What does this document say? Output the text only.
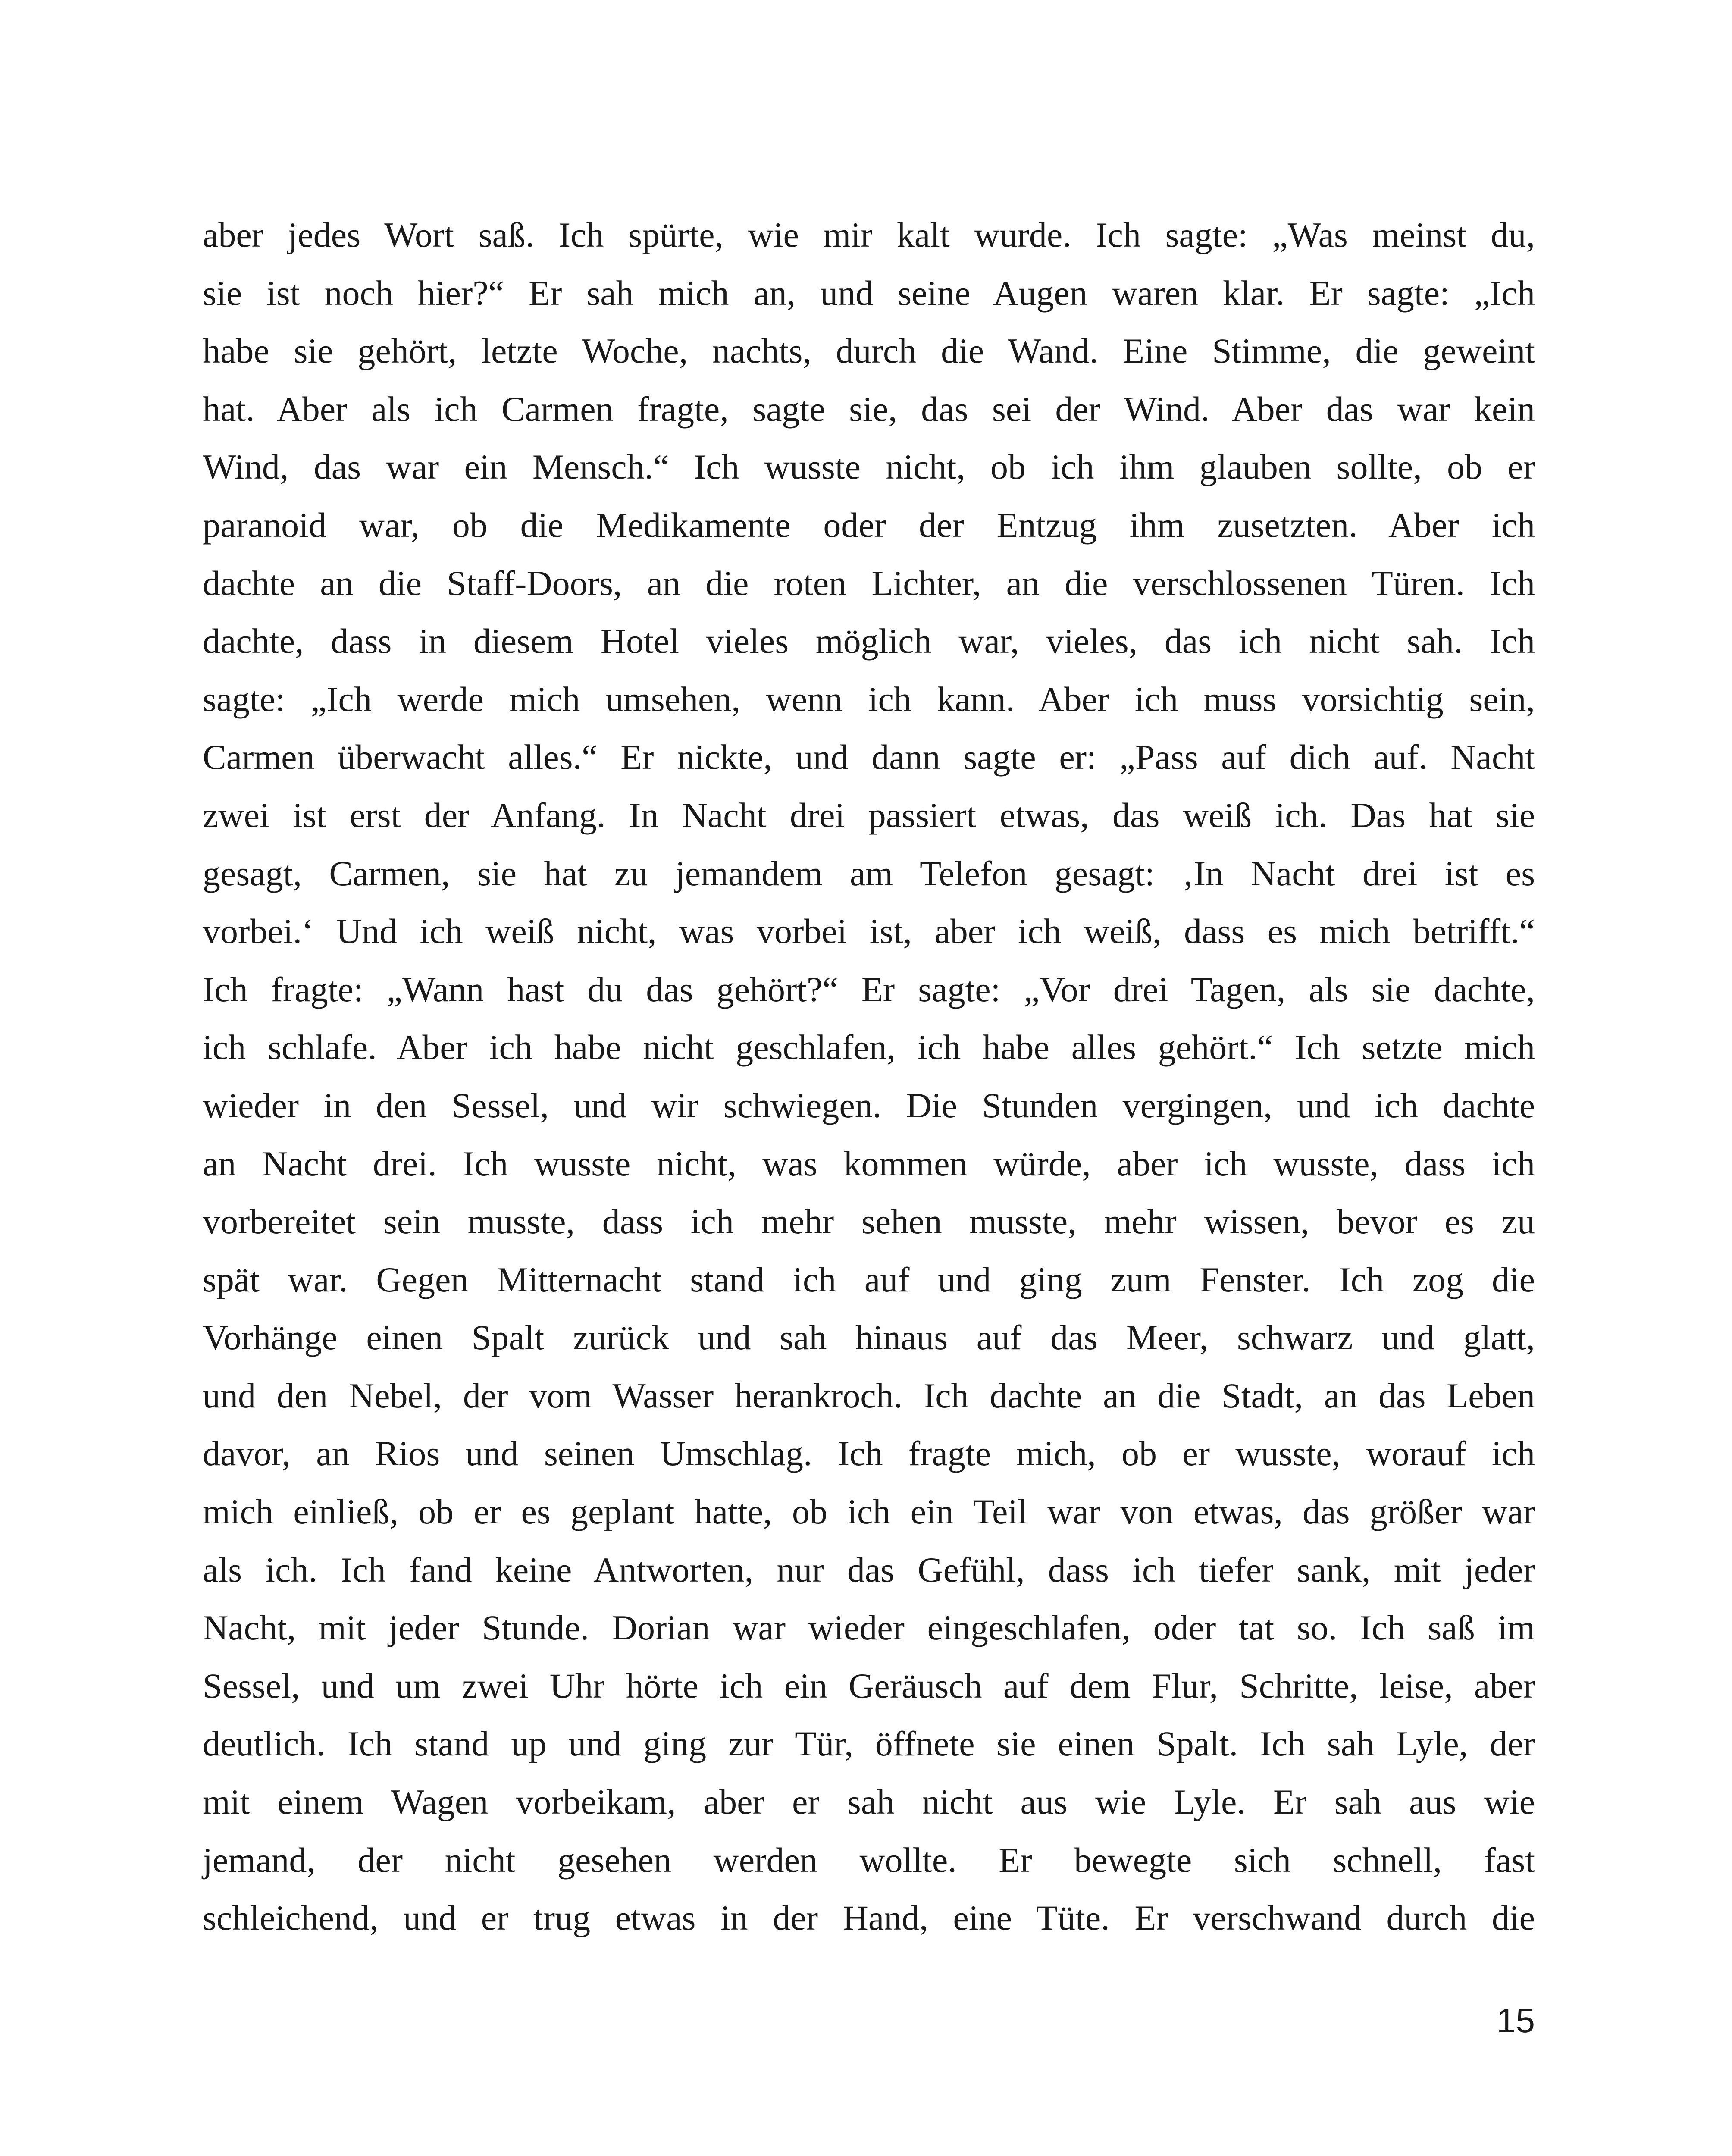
aber jedes Wort saß. Ich spürte, wie mir kalt wurde. Ich sagte: „Was meinst du,
sie ist noch hier?“ Er sah mich an, und seine Augen waren klar. Er sagte: „Ich
habe sie gehört, letzte Woche, nachts, durch die Wand. Eine Stimme, die geweint
hat. Aber als ich Carmen fragte, sagte sie, das sei der Wind. Aber das war kein
Wind, das war ein Mensch.“ Ich wusste nicht, ob ich ihm glauben sollte, ob er
paranoid war, ob die Medikamente oder der Entzug ihm zusetzten. Aber ich
dachte an die Staff-Doors, an die roten Lichter, an die verschlossenen Türen. Ich
dachte, dass in diesem Hotel vieles möglich war, vieles, das ich nicht sah. Ich
sagte: „Ich werde mich umsehen, wenn ich kann. Aber ich muss vorsichtig sein,
Carmen überwacht alles.“ Er nickte, und dann sagte er: „Pass auf dich auf. Nacht
zwei ist erst der Anfang. In Nacht drei passiert etwas, das weiß ich. Das hat sie
gesagt, Carmen, sie hat zu jemandem am Telefon gesagt: ‚In Nacht drei ist es
vorbei.‘ Und ich weiß nicht, was vorbei ist, aber ich weiß, dass es mich betrifft.“
Ich fragte: „Wann hast du das gehört?“ Er sagte: „Vor drei Tagen, als sie dachte,
ich schlafe. Aber ich habe nicht geschlafen, ich habe alles gehört.“ Ich setzte mich
wieder in den Sessel, und wir schwiegen. Die Stunden vergingen, und ich dachte
an Nacht drei. Ich wusste nicht, was kommen würde, aber ich wusste, dass ich
vorbereitet sein musste, dass ich mehr sehen musste, mehr wissen, bevor es zu
spät war. Gegen Mitternacht stand ich auf und ging zum Fenster. Ich zog die
Vorhänge einen Spalt zurück und sah hinaus auf das Meer, schwarz und glatt,
und den Nebel, der vom Wasser herankroch. Ich dachte an die Stadt, an das Leben
davor, an Rios und seinen Umschlag. Ich fragte mich, ob er wusste, worauf ich
mich einließ, ob er es geplant hatte, ob ich ein Teil war von etwas, das größer war
als ich. Ich fand keine Antworten, nur das Gefühl, dass ich tiefer sank, mit jeder
Nacht, mit jeder Stunde. Dorian war wieder eingeschlafen, oder tat so. Ich saß im
Sessel, und um zwei Uhr hörte ich ein Geräusch auf dem Flur, Schritte, leise, aber
deutlich. Ich stand up und ging zur Tür, öffnete sie einen Spalt. Ich sah Lyle, der
mit einem Wagen vorbeikam, aber er sah nicht aus wie Lyle. Er sah aus wie
jemand, der nicht gesehen werden wollte. Er bewegte sich schnell, fast
schleichend, und er trug etwas in der Hand, eine Tüte. Er verschwand durch die
15
